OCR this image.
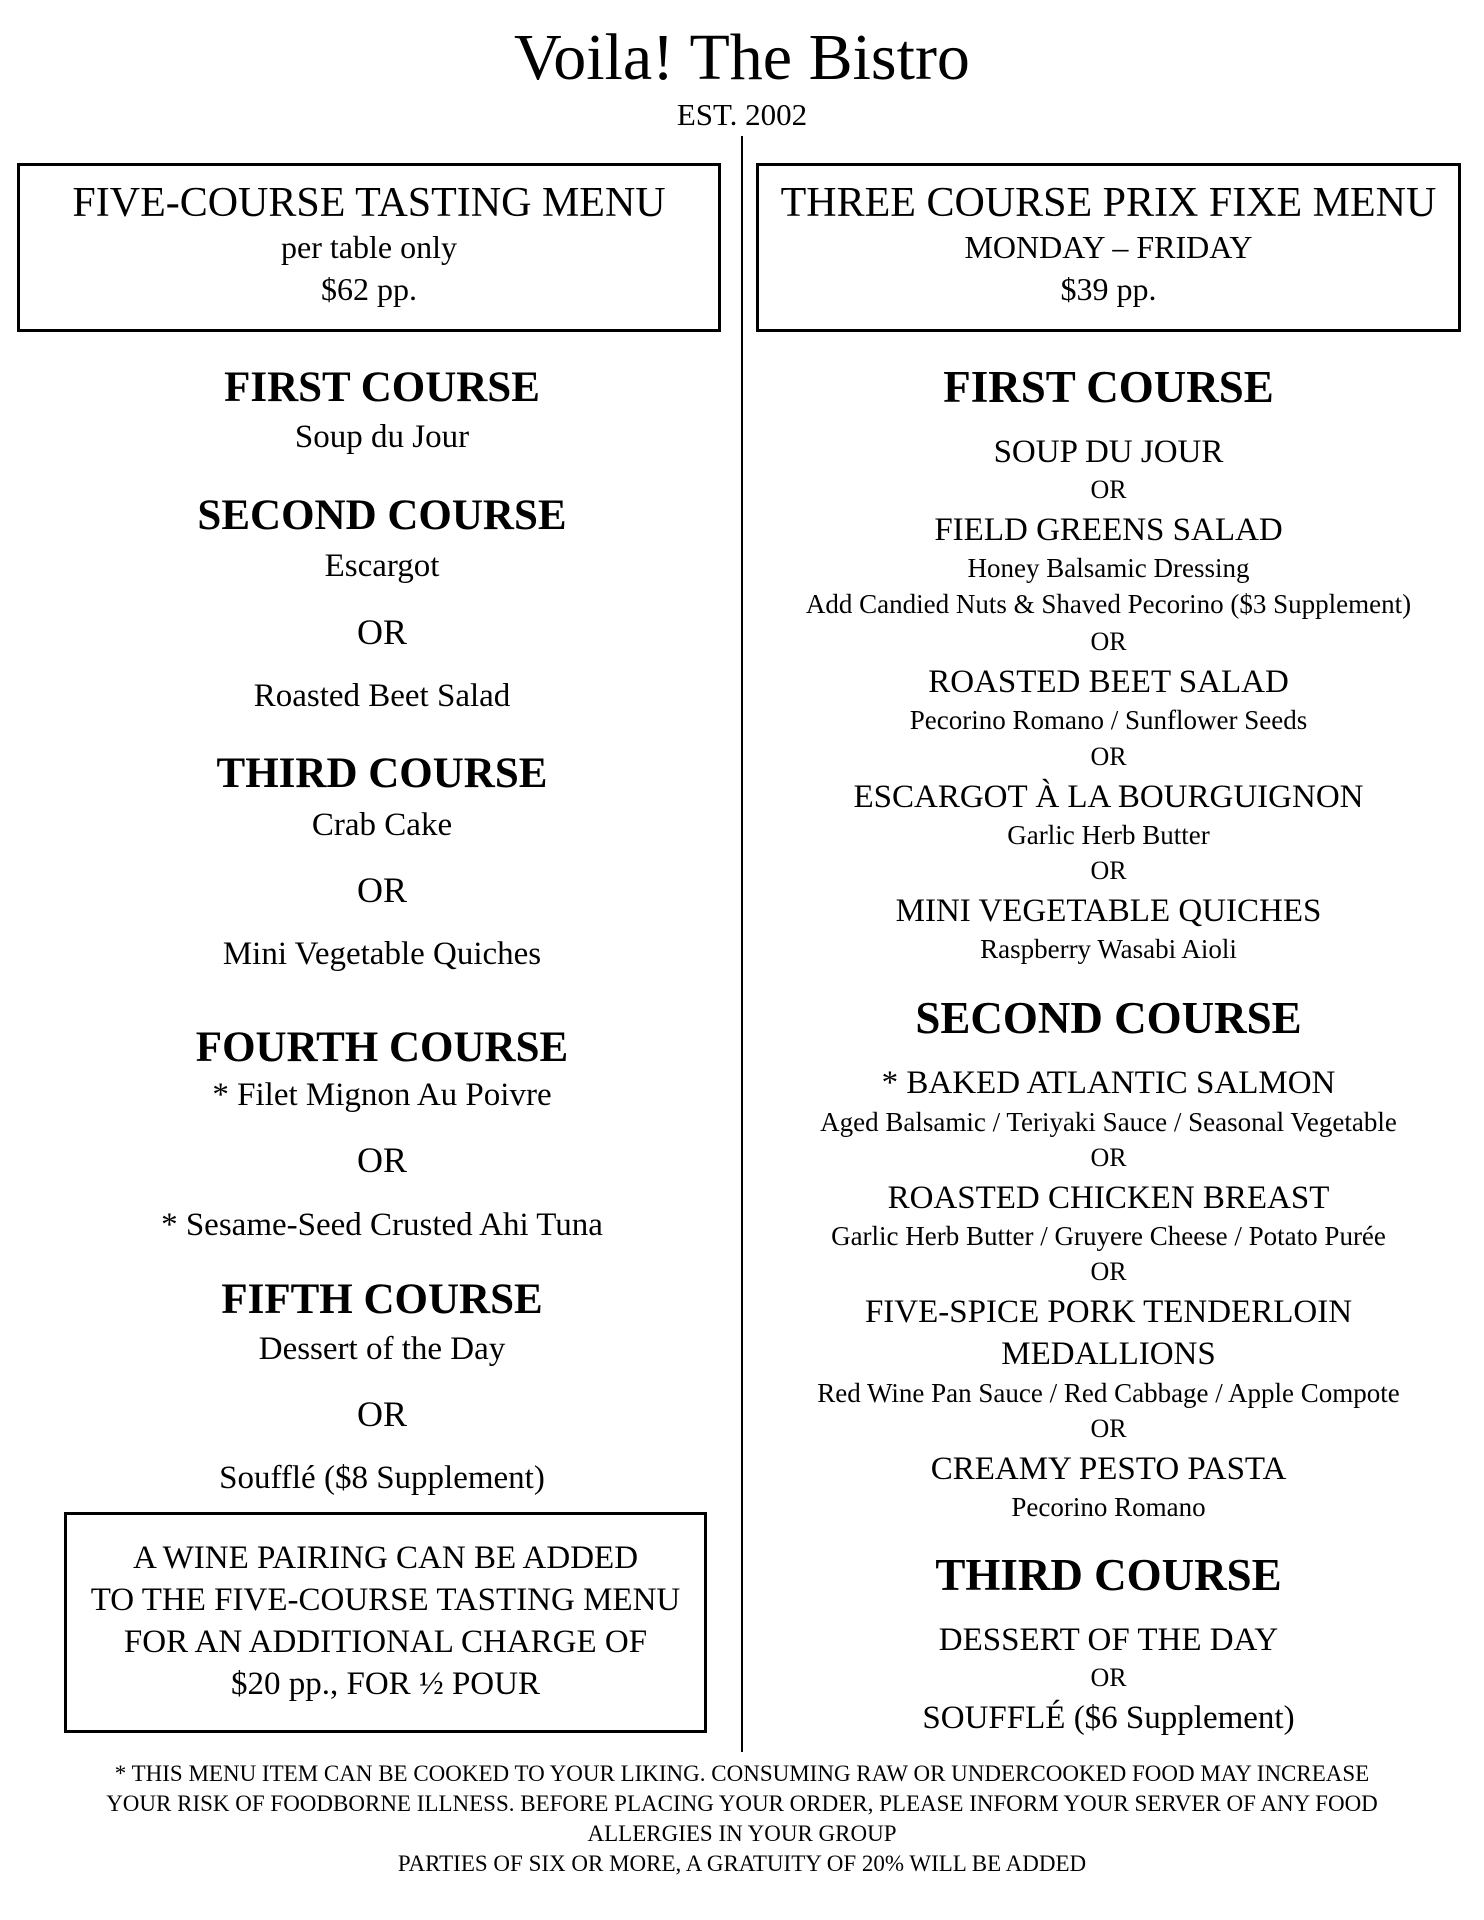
Voila! The Bistro
EST. 2002
FIVE-COURSE TASTING MENU
per table only
$62 pp.
THREE COURSE PRIX FIXE MENU
MONDAY – FRIDAY
$39 pp.
FIRST COURSE
Soup du Jour
SECOND COURSE
Escargot
OR
Roasted Beet Salad
THIRD COURSE
Crab Cake
OR
Mini Vegetable Quiches
FOURTH COURSE
* Filet Mignon Au Poivre
OR
* Sesame-Seed Crusted Ahi Tuna
FIFTH COURSE
Dessert of the Day
OR
Soufflé ($8 Supplement)
A WINE PAIRING CAN BE ADDED
TO THE FIVE-COURSE TASTING MENU
FOR AN ADDITIONAL CHARGE OF
$20 pp., FOR ½ POUR
FIRST COURSE
SOUP DU JOUR
OR
FIELD GREENS SALAD
Honey Balsamic Dressing
Add Candied Nuts & Shaved Pecorino ($3 Supplement)
OR
ROASTED BEET SALAD
Pecorino Romano / Sunflower Seeds
OR
ESCARGOT À LA BOURGUIGNON
Garlic Herb Butter
OR
MINI VEGETABLE QUICHES
Raspberry Wasabi Aioli
SECOND COURSE
* BAKED ATLANTIC SALMON
Aged Balsamic / Teriyaki Sauce / Seasonal Vegetable
OR
ROASTED CHICKEN BREAST
Garlic Herb Butter / Gruyere Cheese / Potato Purée
OR
FIVE-SPICE PORK TENDERLOIN
MEDALLIONS
Red Wine Pan Sauce / Red Cabbage / Apple Compote
OR
CREAMY PESTO PASTA
Pecorino Romano
THIRD COURSE
DESSERT OF THE DAY
OR
SOUFFLÉ ($6 Supplement)
* THIS MENU ITEM CAN BE COOKED TO YOUR LIKING. CONSUMING RAW OR UNDERCOOKED FOOD MAY INCREASE
YOUR RISK OF FOODBORNE ILLNESS. BEFORE PLACING YOUR ORDER, PLEASE INFORM YOUR SERVER OF ANY FOOD
ALLERGIES IN YOUR GROUP
PARTIES OF SIX OR MORE, A GRATUITY OF 20% WILL BE ADDED
